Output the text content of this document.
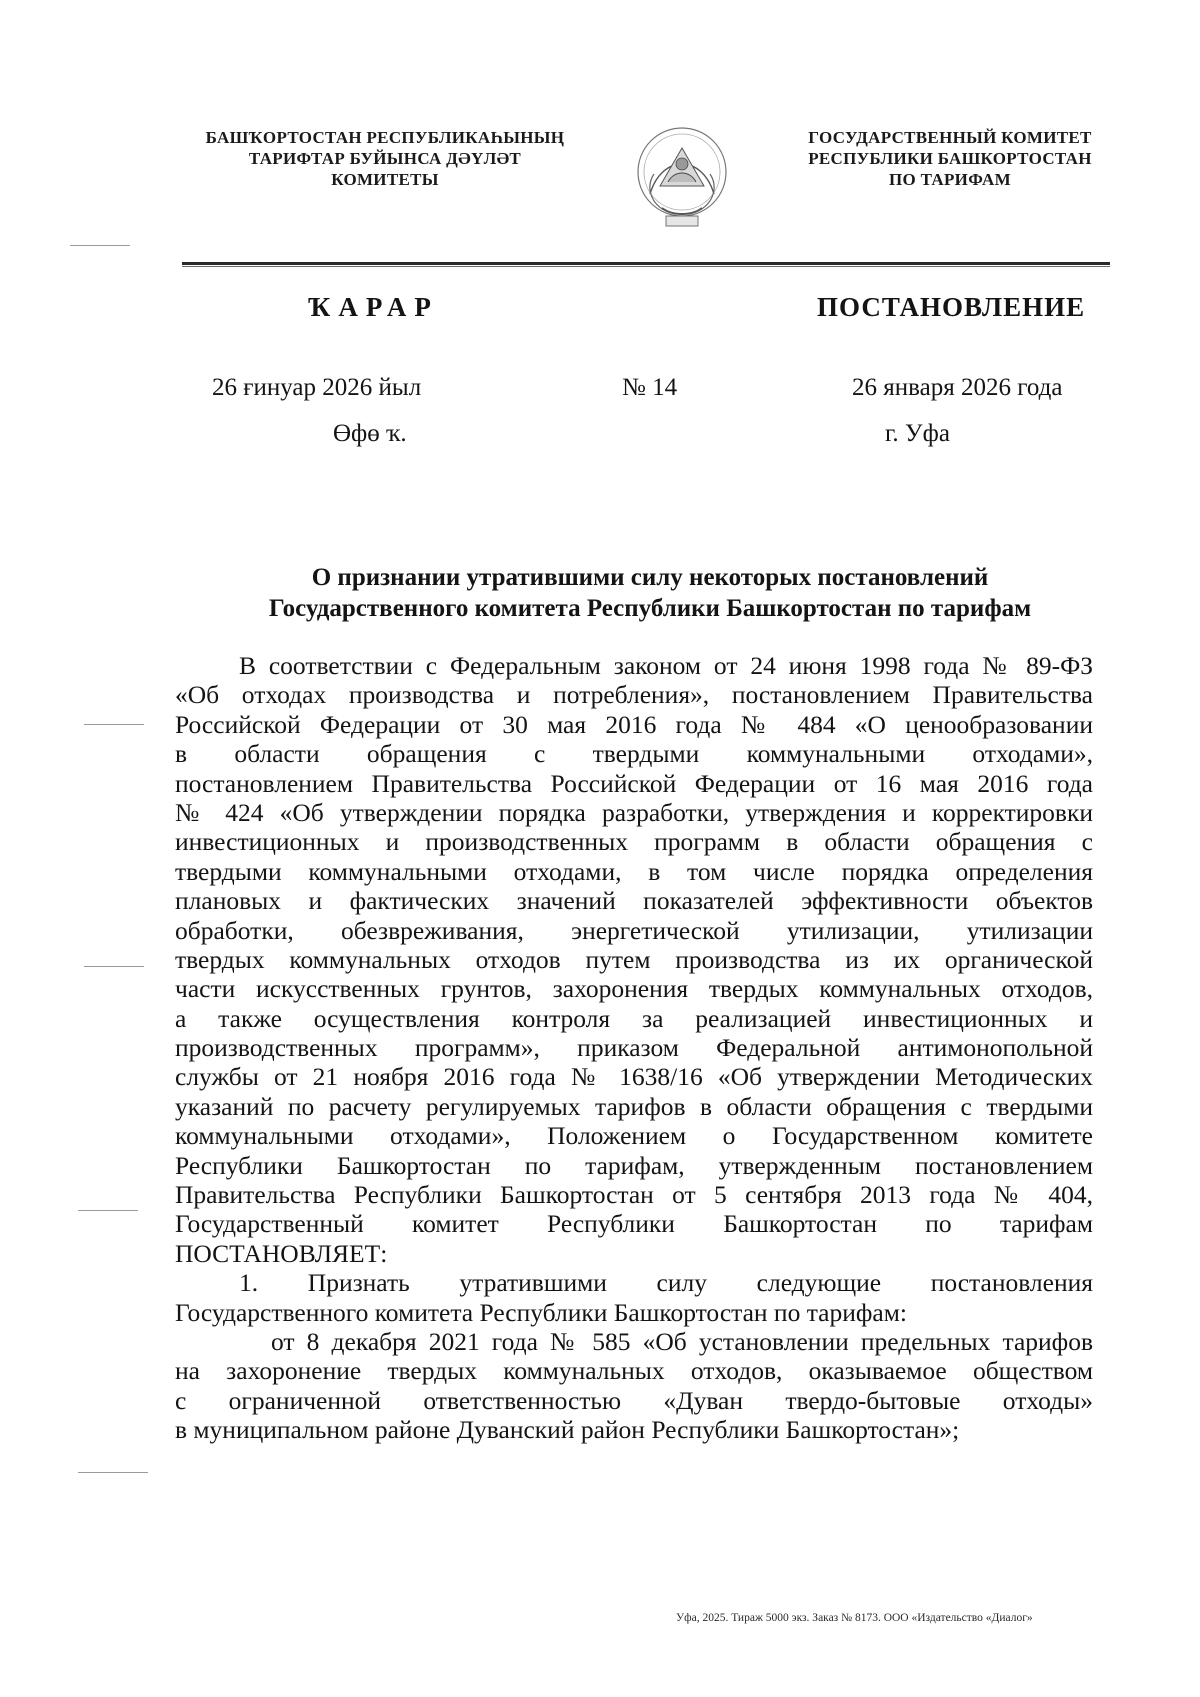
БАШҠОРТОСТАН РЕСПУБЛИКАҺЫНЫҢ
ТАРИФТАР БУЙЫНСА ДӘҮЛӘТ
КОМИТЕТЫ
ГОСУДАРСТВЕННЫЙ КОМИТЕТ
РЕСПУБЛИКИ БАШКОРТОСТАН
ПО ТАРИФАМ
ҠАРАР	ПОСТАНОВЛЕНИЕ
26 ғинуар 2026 йыл	№ 14	26 января 2026 года
Өфө ҡ.	г. Уфа
О признании утратившими силу некоторых постановлений
Государственного комитета Республики Башкортостан по тарифам
В соответствии с Федеральным законом от 24 июня 1998 года № 89-ФЗ
«Об отходах производства и потребления», постановлением Правительства
Российской Федерации от 30 мая 2016 года № 484 «О ценообразовании
в области обращения с твердыми коммунальными отходами»,
постановлением Правительства Российской Федерации от 16 мая 2016 года
№ 424 «Об утверждении порядка разработки, утверждения и корректировки
инвестиционных и производственных программ в области обращения с
твердыми коммунальными отходами, в том числе порядка определения
плановых и фактических значений показателей эффективности объектов
обработки, обезвреживания, энергетической утилизации, утилизации
твердых коммунальных отходов путем производства из их органической
части искусственных грунтов, захоронения твердых коммунальных отходов,
а также осуществления контроля за реализацией инвестиционных и
производственных программ», приказом Федеральной антимонопольной
службы от 21 ноября 2016 года № 1638/16 «Об утверждении Методических
указаний по расчету регулируемых тарифов в области обращения с твердыми
коммунальными отходами», Положением о Государственном комитете
Республики Башкортостан по тарифам, утвержденным постановлением
Правительства Республики Башкортостан от 5 сентября 2013 года № 404,
Государственный комитет Республики Башкортостан по тарифам
ПОСТАНОВЛЯЕТ:
1. Признать утратившими силу следующие постановления
Государственного комитета Республики Башкортостан по тарифам:
от 8 декабря 2021 года № 585 «Об установлении предельных тарифов
на захоронение твердых коммунальных отходов, оказываемое обществом
с ограниченной ответственностью «Дуван твердо-бытовые отходы»
в муниципальном районе Дуванский район Республики Башкортостан»;
Уфа, 2025. Тираж 5000 экз. Заказ № 8173. ООО «Издательство «Диалог»
